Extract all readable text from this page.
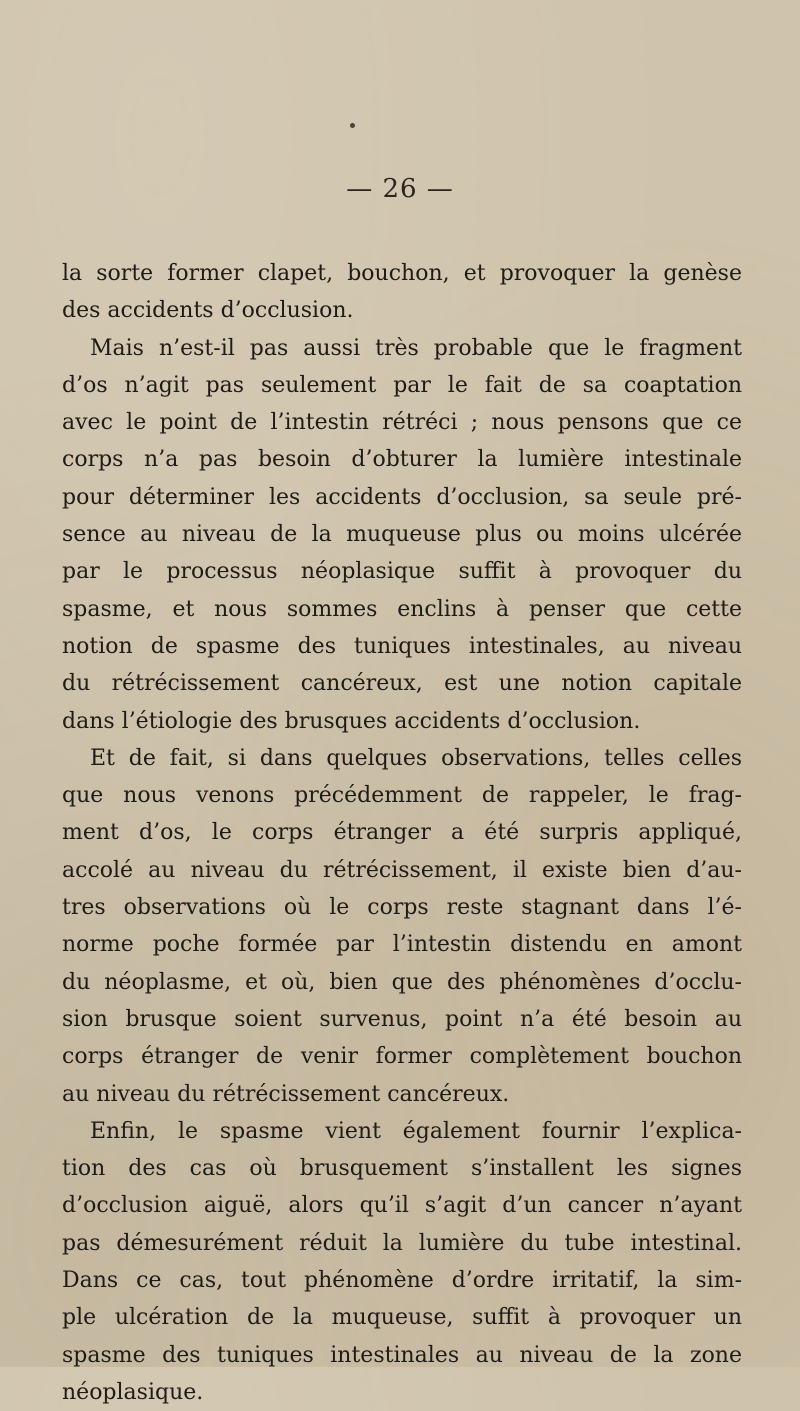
— 26 —
la sorte former clapet, bouchon, et provoquer la genèse
des accidents d’occlusion.
Mais n’est-il pas aussi très probable que le fragment
d’os n’agit pas seulement par le fait de sa coaptation
avec le point de l’intestin rétréci ; nous pensons que ce
corps n’a pas besoin d’obturer la lumière intestinale
pour déterminer les accidents d’occlusion, sa seule pré-
sence au niveau de la muqueuse plus ou moins ulcérée
par le processus néoplasique suffit à provoquer du
spasme, et nous sommes enclins à penser que cette
notion de spasme des tuniques intestinales, au niveau
du rétrécissement cancéreux, est une notion capitale
dans l’étiologie des brusques accidents d’occlusion.
Et de fait, si dans quelques observations, telles celles
que nous venons précédemment de rappeler, le frag-
ment d’os, le corps étranger a été surpris appliqué,
accolé au niveau du rétrécissement, il existe bien d’au-
tres observations où le corps reste stagnant dans l’é-
norme poche formée par l’intestin distendu en amont
du néoplasme, et où, bien que des phénomènes d’occlu-
sion brusque soient survenus, point n’a été besoin au
corps étranger de venir former complètement bouchon
au niveau du rétrécissement cancéreux.
Enfin, le spasme vient également fournir l’explica-
tion des cas où brusquement s’installent les signes
d’occlusion aiguë, alors qu’il s’agit d’un cancer n’ayant
pas démesurément réduit la lumière du tube intestinal.
Dans ce cas, tout phénomène d’ordre irritatif, la sim-
ple ulcération de la muqueuse, suffit à provoquer un
spasme des tuniques intestinales au niveau de la zone
néoplasique.
